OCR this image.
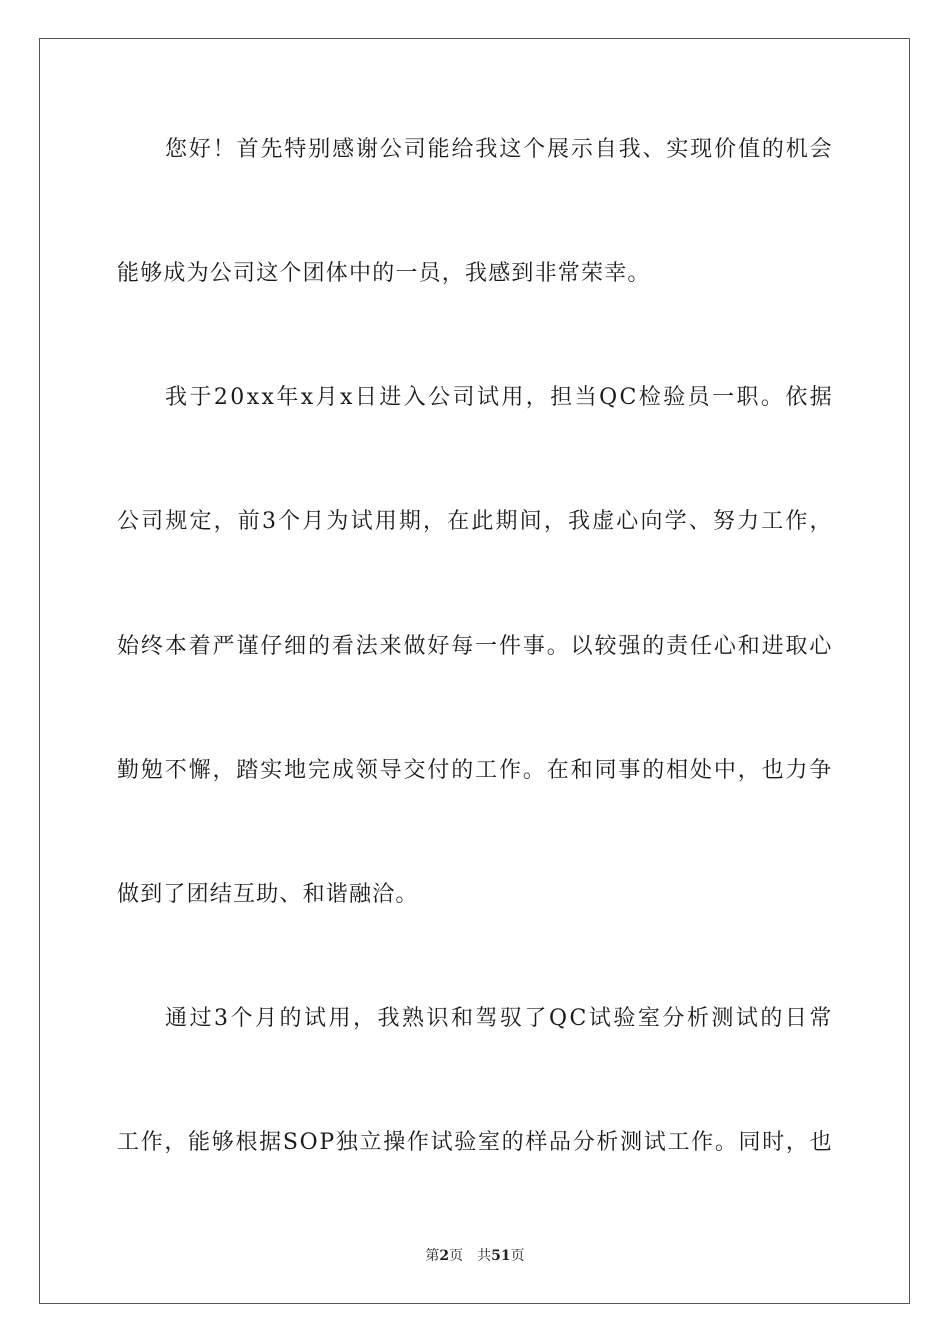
您 好 ！ 首 先 特 别 感 谢 公 司 能 给 我 这 个 展 示 自 我 、 实 现 价 值 的 机 会
能够成为公司这个团体中的一员，我感到非常荣幸。
我 于 2 0 x x 年 x 月 x 日 进 入 公 司 试 用 ， 担 当 Q C 检 验 员 一 职 。 依 据
公 司 规 定 ， 前 3 个 月 为 试 用 期 ， 在 此 期 间 ， 我 虚 心 向 学 、 努 力 工 作 ，
始 终 本 着 严 谨 仔 细 的 看 法 来 做 好 每 一 件 事 。 以 较 强 的 责 任 心 和 进 取 心
勤 勉 不 懈 ， 踏 实 地 完 成 领 导 交 付 的 工 作 。 在 和 同 事 的 相 处 中 ， 也 力 争
做到了团结互助、和谐融洽。
通 过 3 个 月 的 试 用 ， 我 熟 识 和 驾 驭 了 Q C 试 验 室 分 析 测 试 的 日 常
工 作 ， 能 够 根 据 S O P 独 立 操 作 试 验 室 的 样 品 分 析 测 试 工 作 。 同 时 ， 也
第2页 共51页
